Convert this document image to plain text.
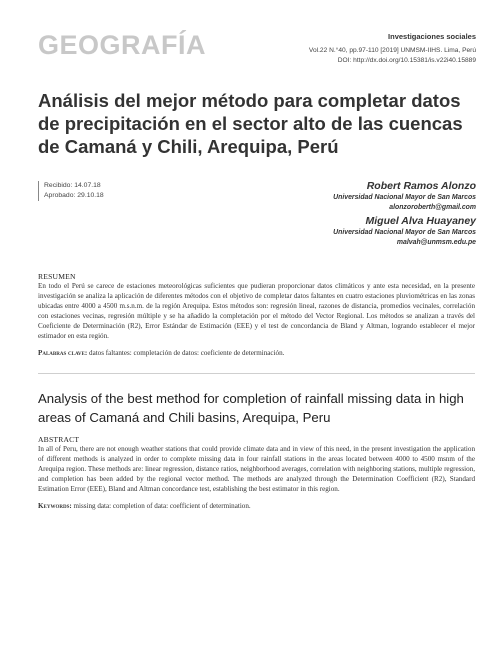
GEOGRAFÍA	Investigaciones sociales
Vol.22 N.°40, pp.97-110 [2019] UNMSM-IIHS. Lima, Perú
DOI: http://dx.doi.org/10.15381/is.v22i40.15889
Análisis del mejor método para completar datos de precipitación en el sector alto de las cuencas de Camaná y Chili, Arequipa, Perú
Recibido: 14.07.18
Aprobado: 29.10.18
Robert Ramos Alonzo
Universidad Nacional Mayor de San Marcos
alonzoroberth@gmail.com
Miguel Alva Huayaney
Universidad Nacional Mayor de San Marcos
malvah@unmsm.edu.pe
RESUMEN
En todo el Perú se carece de estaciones meteorológicas suficientes que pudieran proporcionar datos climáticos y ante esta necesidad, en la presente investigación se analiza la aplicación de diferentes métodos con el objetivo de completar datos faltantes en cuatro estaciones pluviométricas en las zonas ubicadas entre 4000 a 4500 m.s.n.m. de la región Arequipa. Estos métodos son: regresión lineal, razones de distancia, promedios vecinales, correlación con estaciones vecinas, regresión múltiple y se ha añadido la completación por el método del Vector Regional. Los métodos se analizan a través del Coeficiente de Determinación (R2), Error Estándar de Estimación (EEE) y el test de concordancia de Bland y Altman, logrando establecer el mejor estimador en esta región.
Palabras clave: datos faltantes: completación de datos: coeficiente de determinación.
Analysis of the best method for completion of rainfall missing data in high areas of Camaná and Chili basins, Arequipa, Peru
ABSTRACT
In all of Peru, there are not enough weather stations that could provide climate data and in view of this need, in the present investigation the application of different methods is analyzed in order to complete missing data in four rainfall stations in the areas located between 4000 to 4500 msnm of the Arequipa region. These methods are: linear regression, distance ratios, neighborhood averages, correlation with neighboring stations, multiple regression, and completion has been added by the regional vector method. The methods are analyzed through the Determination Coefficient (R2), Standard Estimation Error (EEE), Bland and Altman concordance test, establishing the best estimator in this region.
Keywords: missing data: completion of data: coefficient of determination.
